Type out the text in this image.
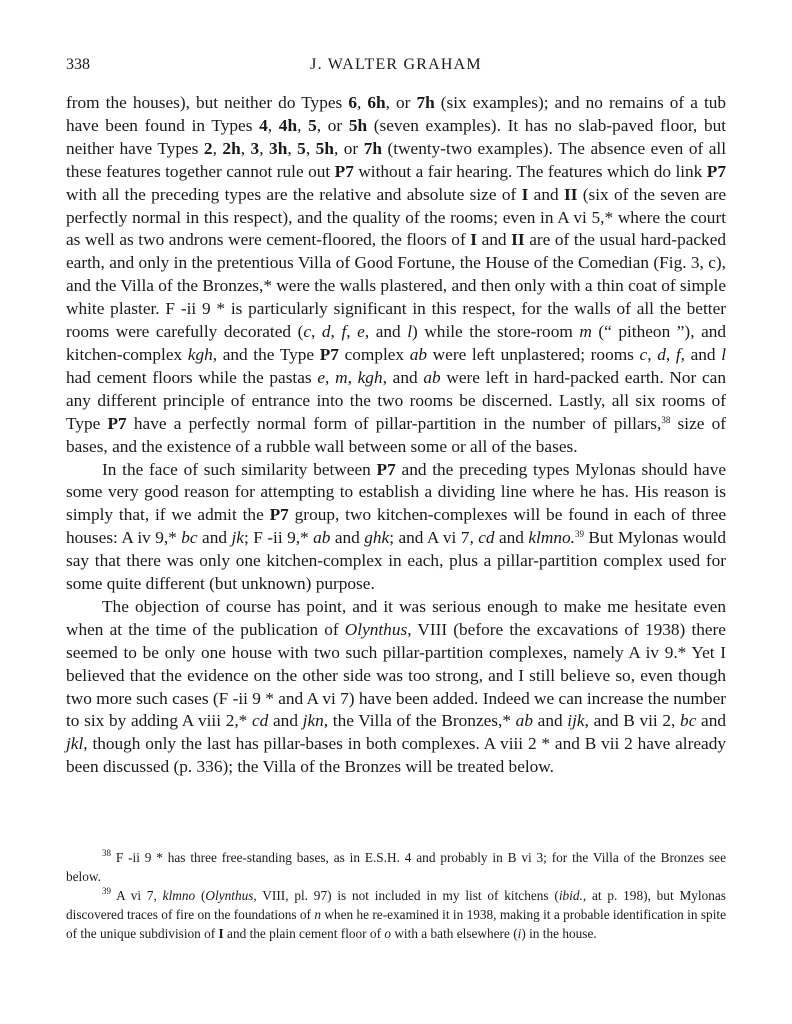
338	J. WALTER GRAHAM

from the houses), but neither do Types 6, 6h, or 7h (six examples); and no remains of a tub have been found in Types 4, 4h, 5, or 5h (seven examples). It has no slab-paved floor, but neither have Types 2, 2h, 3, 3h, 5, 5h, or 7h (twenty-two examples). The absence even of all these features together cannot rule out P7 without a fair hearing. The features which do link P7 with all the preceding types are the relative and absolute size of I and II (six of the seven are perfectly normal in this respect), and the quality of the rooms; even in A vi 5,* where the court as well as two androns were cement-floored, the floors of I and II are of the usual hard-packed earth, and only in the pretentious Villa of Good Fortune, the House of the Comedian (Fig. 3, c), and the Villa of the Bronzes,* were the walls plastered, and then only with a thin coat of simple white plaster. F -ii 9 * is particularly significant in this respect, for the walls of all the better rooms were carefully decorated (c, d, f, e, and l) while the store-room m (“ pitheon ”), and kitchen-complex kgh, and the Type P7 complex ab were left unplastered; rooms c, d, f, and l had cement floors while the pastas e, m, kgh, and ab were left in hard-packed earth. Nor can any different principle of entrance into the two rooms be discerned. Lastly, all six rooms of Type P7 have a perfectly normal form of pillar-partition in the number of pillars,$^{38}$ size of bases, and the existence of a rubble wall between some or all of the bases.

In the face of such similarity between P7 and the preceding types Mylonas should have some very good reason for attempting to establish a dividing line where he has. His reason is simply that, if we admit the P7 group, two kitchen-complexes will be found in each of three houses: A iv 9,* bc and jk; F -ii 9,* ab and ghk; and A vi 7, cd and klmno.$^{39}$ But Mylonas would say that there was only one kitchen-complex in each, plus a pillar-partition complex used for some quite different (but unknown) purpose.

The objection of course has point, and it was serious enough to make me hesitate even when at the time of the publication of Olynthus, VIII (before the excavations of 1938) there seemed to be only one house with two such pillar-partition complexes, namely A iv 9.* Yet I believed that the evidence on the other side was too strong, and I still believe so, even though two more such cases (F -ii 9 * and A vi 7) have been added. Indeed we can increase the number to six by adding A viii 2,* cd and jkn, the Villa of the Bronzes,* ab and ijk, and B vii 2, bc and jkl, though only the last has pillar-bases in both complexes. A viii 2 * and B vii 2 have already been discussed (p. 336); the Villa of the Bronzes will be treated below.

$^{38}$ F -ii 9 * has three free-standing bases, as in E.S.H. 4 and probably in B vi 3; for the Villa of the Bronzes see below.

$^{39}$ A vi 7, klmno (Olynthus, VIII, pl. 97) is not included in my list of kitchens (ibid., at p. 198), but Mylonas discovered traces of fire on the foundations of n when he re-examined it in 1938, making it a probable identification in spite of the unique subdivision of I and the plain cement floor of o with a bath elsewhere (i) in the house.
